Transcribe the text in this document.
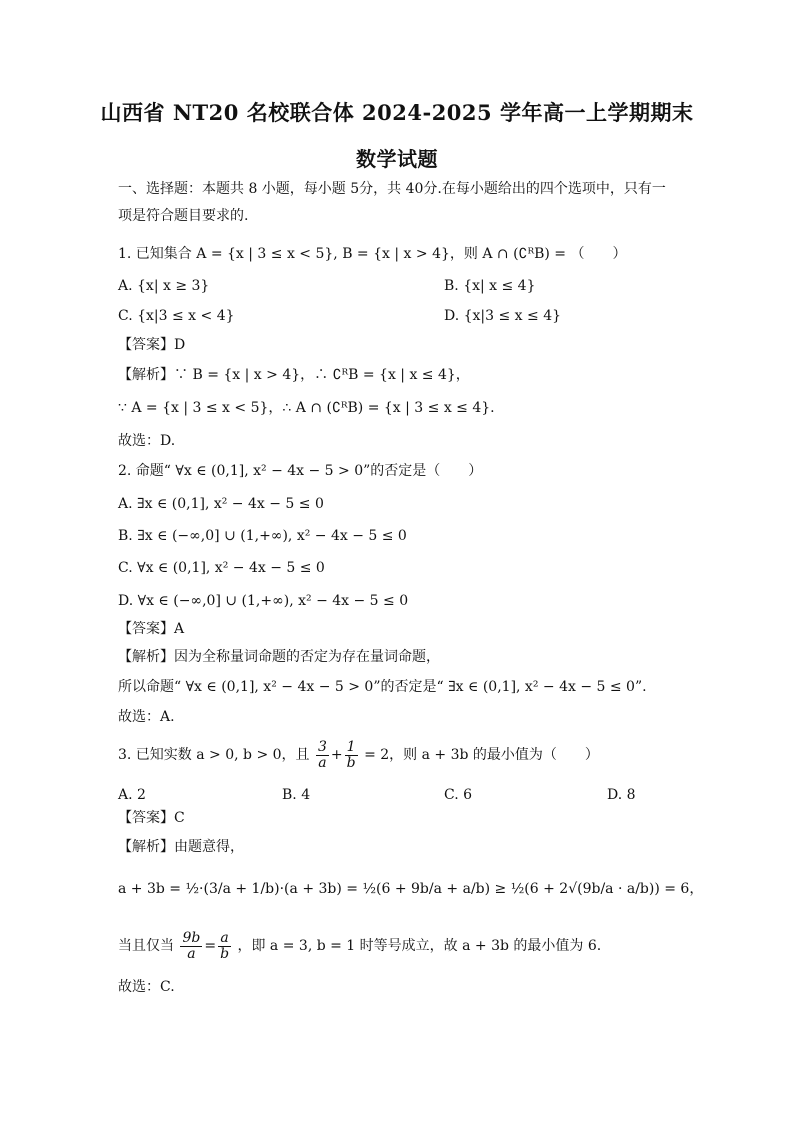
山西省 NT20 名校联合体 2024-2025 学年高一上学期期末
数学试题
一、选择题：本题共 8 小题，每小题 5分，共 40分.在每小题给出的四个选项中，只有一
项是符合题目要求的.
1. 已知集合 A = {x | 3 ≤ x < 5}, B = {x | x > 4}，则 A ∩ (∁ᴿB) = （　　）
A. {x| x ≥ 3}	B. {x| x ≤ 4}
C. {x|3 ≤ x < 4}	D. {x|3 ≤ x ≤ 4}
【答案】D
【解析】∵ B = {x | x > 4}，∴ ∁ᴿB = {x | x ≤ 4}，
∵ A = {x | 3 ≤ x < 5}，∴ A ∩ (∁ᴿB) = {x | 3 ≤ x ≤ 4}.
故选：D.
2. 命题“ ∀x ∈ (0,1], x² − 4x − 5 > 0”的否定是（　　）
A. ∃x ∈ (0,1], x² − 4x − 5 ≤ 0
B. ∃x ∈ (−∞,0] ∪ (1,+∞), x² − 4x − 5 ≤ 0
C. ∀x ∈ (0,1], x² − 4x − 5 ≤ 0
D. ∀x ∈ (−∞,0] ∪ (1,+∞), x² − 4x − 5 ≤ 0
【答案】A
【解析】因为全称量词命题的否定为存在量词命题，
所以命题“ ∀x ∈ (0,1], x² − 4x − 5 > 0”的否定是“ ∃x ∈ (0,1], x² − 4x − 5 ≤ 0”.
故选：A.
3. 已知实数 a > 0, b > 0，且 $\frac{3}{a} + \frac{1}{b} = 2$，则 a + 3b 的最小值为（　　）
A. 2	B. 4	C. 6	D. 8
【答案】C
【解析】由题意得，
a + 3b = ½·(3/a + 1/b)·(a + 3b) = ½(6 + 9b/a + a/b) ≥ ½(6 + 2√(9b/a · a/b)) = 6，
当且仅当 $\frac{9b}{a} = \frac{a}{b}$ ，即 a = 3, b = 1 时等号成立，故 a + 3b 的最小值为 6.
故选：C.
